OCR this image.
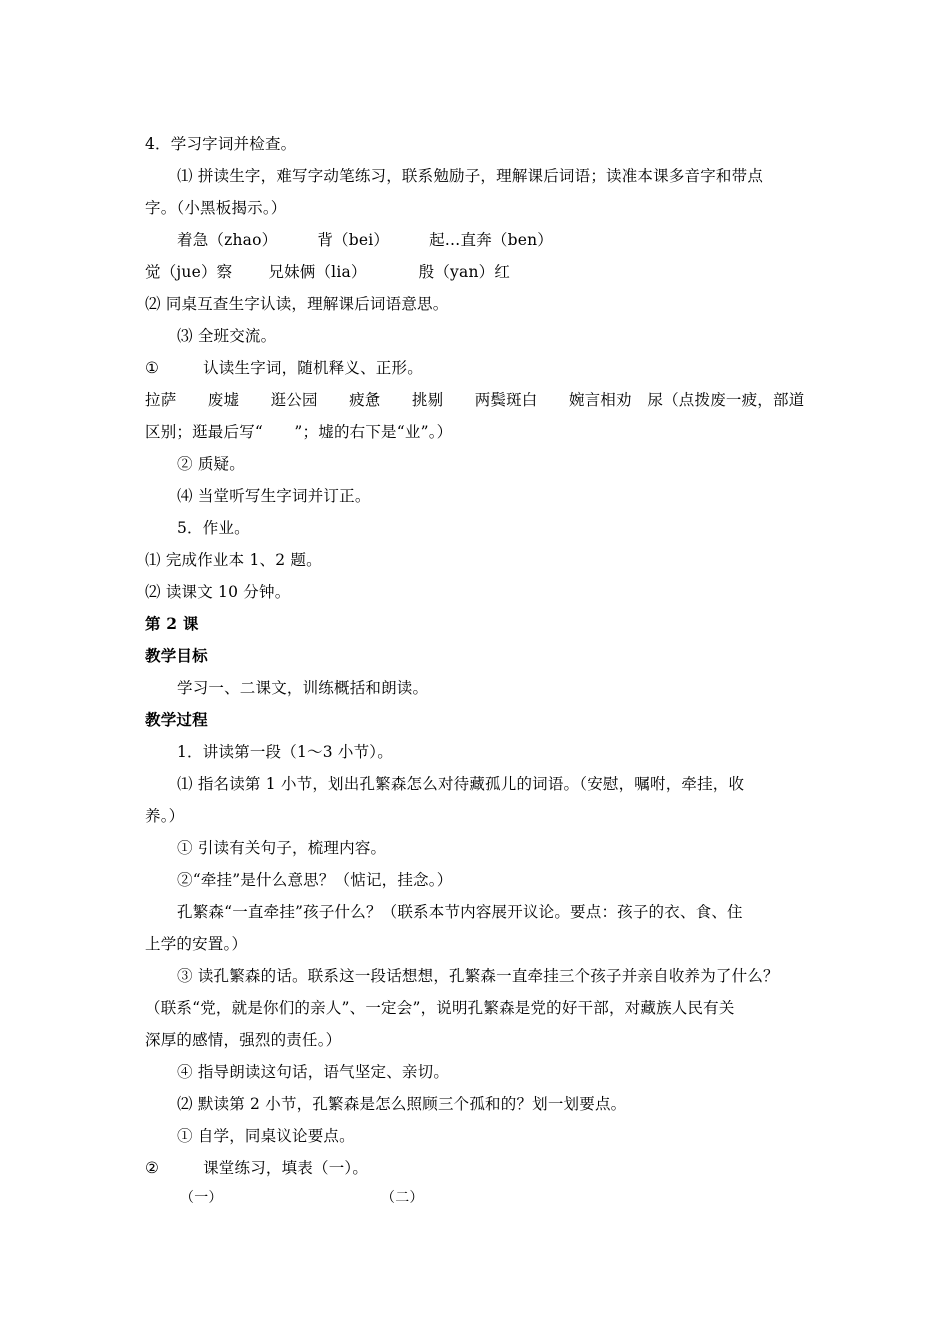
4．学习字词并检查。
⑴ 拼读生字，难写字动笔练习，联系勉励子，理解课后词语；读准本课多音字和带点
字。（小黑板揭示。）
着急（zhao）	背（bei）	起…直奔（ben）
觉（jue）察 兄妹俩（lia）	殷（yan）红
⑵ 同桌互查生字认读，理解课后词语意思。
⑶ 全班交流。
①	认读生字词，随机释义、正形。
拉萨　　废墟　　逛公园　　疲惫　　挑剔　　两鬓斑白　　婉言相劝　尿（点拨废一疲，部道
区别；逛最后写“　　”；墟的右下是“业”。）
② 质疑。
⑷ 当堂听写生字词并订正。
5．作业。
⑴ 完成作业本 1、2 题。
⑵ 读课文 10 分钟。
第 2 课
教学目标
学习一、二课文，训练概括和朗读。
教学过程
1．讲读第一段（1～3 小节）。
⑴ 指名读第 1 小节，划出孔繁森怎么对待藏孤儿的词语。（安慰，嘱咐，牵挂，收
养。）
① 引读有关句子，梳理内容。
②“牵挂”是什么意思？（惦记，挂念。）
孔繁森“一直牵挂”孩子什么？（联系本节内容展开议论。要点：孩子的衣、食、住
上学的安置。）
③ 读孔繁森的话。联系这一段话想想，孔繁森一直牵挂三个孩子并亲自收养为了什么？
（联系“党，就是你们的亲人”、一定会”，说明孔繁森是党的好干部，对藏族人民有关
深厚的感情，强烈的责任。）
④ 指导朗读这句话，语气坚定、亲切。
⑵ 默读第 2 小节，孔繁森是怎么照顾三个孤和的？划一划要点。
① 自学，同桌议论要点。
②	课堂练习，填表（一）。
（一）	（二）
